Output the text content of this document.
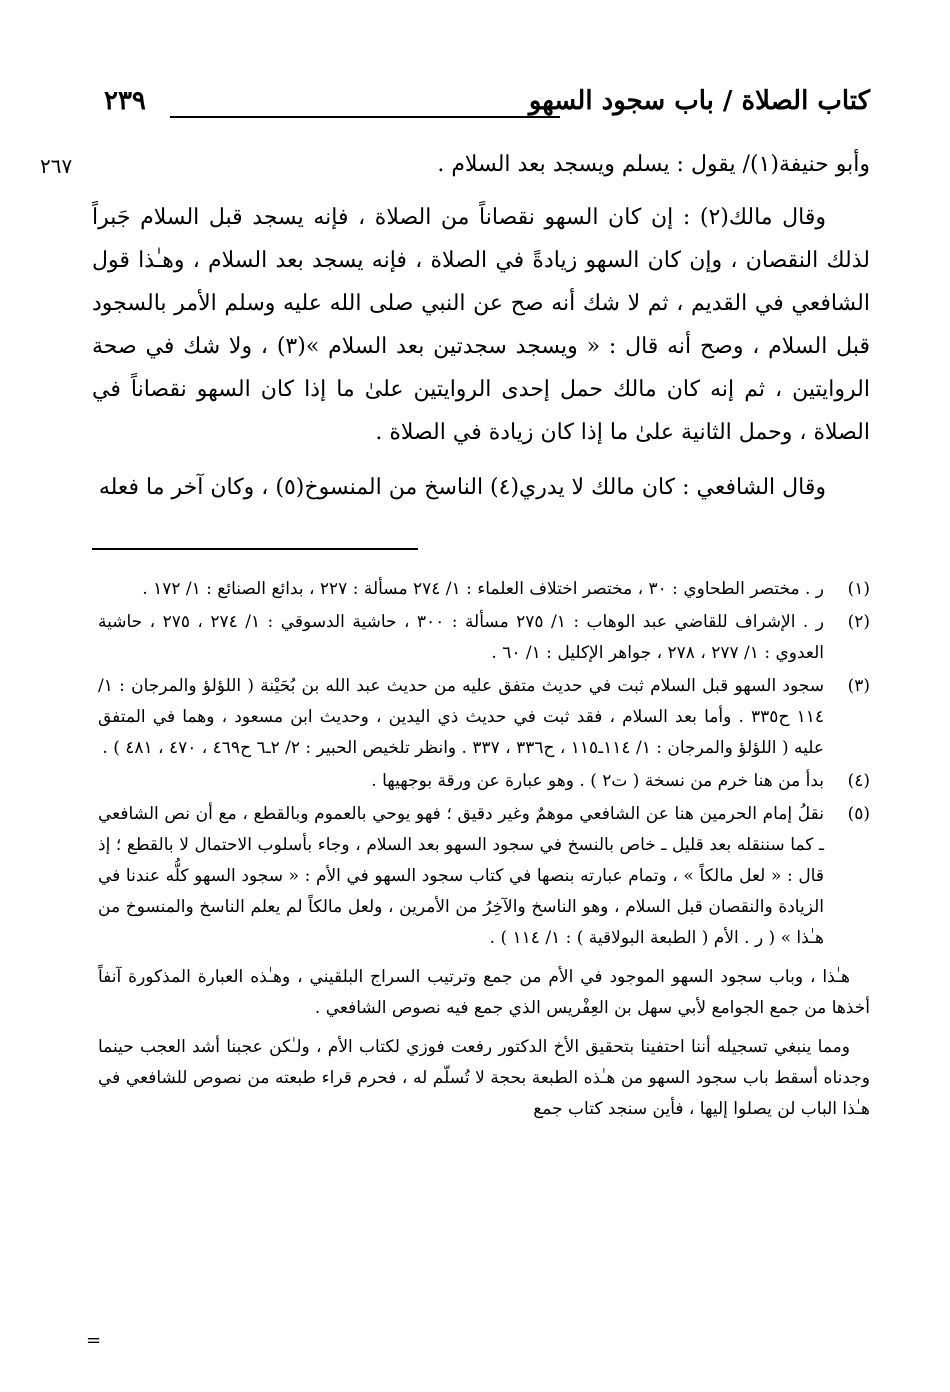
كتاب الصلاة / باب سجود السهو
٢٣٩
٢٦٧	وأبو حنيفة(١)/ يقول : يسلم ويسجد بعد السلام .

وقال مالك(٢) : إن كان السهو نقصاناً من الصلاة ، فإنه يسجد قبل السلام جَبراً لذلك النقصان ، وإن كان السهو زيادةً في الصلاة ، فإنه يسجد بعد السلام ، وهـٰذا قول الشافعي في القديم ، ثم لا شك أنه صح عن النبي صلى الله عليه وسلم الأمر بالسجود قبل السلام ، وصح أنه قال : « ويسجد سجدتين بعد السلام »(٣) ، ولا شك في صحة الروايتين ، ثم إنه كان مالك حمل إحدى الروايتين علىٰ ما إذا كان السهو نقصاناً في الصلاة ، وحمل الثانية علىٰ ما إذا كان زيادة في الصلاة .

وقال الشافعي : كان مالك لا يدري(٤) الناسخ من المنسوخ(٥) ، وكان آخر ما فعله

(١)
ر . مختصر الطحاوي : ٣٠ ، مختصر اختلاف العلماء : ١/ ٢٧٤ مسألة : ٢٢٧ ، بدائع الصنائع : ١/ ١٧٢ .
(٢)
ر . الإشراف للقاضي عبد الوهاب : ١/ ٢٧٥ مسألة : ٣٠٠ ، حاشية الدسوقي : ١/ ٢٧٤ ، ٢٧٥ ، حاشية العدوي : ١/ ٢٧٧ ، ٢٧٨ ، جواهر الإكليل : ١/ ٦٠ .
(٣)
سجود السهو قبل السلام ثبت في حديث متفق عليه من حديث عبد الله بن بُحَيْنة ( اللؤلؤ والمرجان : ١/ ١١٤ ح٣٣٥ . وأما بعد السلام ، فقد ثبت في حديث ذي اليدين ، وحديث ابن مسعود ، وهما في المتفق عليه ( اللؤلؤ والمرجان : ١/ ١١٤ـ١١٥ ، ح٣٣٦ ، ٣٣٧ . وانظر تلخيص الحبير : ٢/ ٢ـ٦ ح٤٦٩ ، ٤٧٠ ، ٤٨١ ) .
(٤)
بدأ من هنا خرم من نسخة ( ت٢ ) . وهو عبارة عن ورقة بوجهيها .
(٥)
نقلُ إمام الحرمين هنا عن الشافعي موهمٌ وغير دقيق ؛ فهو يوحي بالعموم وبالقطع ، مع أن نص الشافعي ـ كما سننقله بعد قليل ـ خاص بالنسخ في سجود السهو بعد السلام ، وجاء بأسلوب الاحتمال لا بالقطع ؛ إذ قال : « لعل مالكاً » ، وتمام عبارته بنصها في كتاب سجود السهو في الأم : « سجود السهو كلُّه عندنا في الزيادة والنقصان قبل السلام ، وهو الناسخ والآخِرُ من الأمرين ، ولعل مالكاً لم يعلم الناسخ والمنسوخ من هـٰذا » ( ر . الأم ( الطبعة البولاقية ) : ١/ ١١٤ ) .

هـٰذا ، وباب سجود السهو الموجود في الأم من جمع وترتيب السراج البلقيني ، وهـٰذه العبارة المذكورة آنفاً أخذها من جمع الجوامع لأبي سهل بن العِفْريس الذي جمع فيه نصوص الشافعي .

ومما ينبغي تسجيله أننا احتفينا بتحقيق الأخ الدكتور رفعت فوزي لكتاب الأم ، ولـٰكن عجبنا أشد العجب حينما وجدناه أسقط باب سجود السهو من هـٰذه الطبعة بحجة لا تُسلّم له ، فحرم قراء طبعته من نصوص للشافعي في هـٰذا الباب لن يصلوا إليها ، فأين سنجد كتاب جمع

=
